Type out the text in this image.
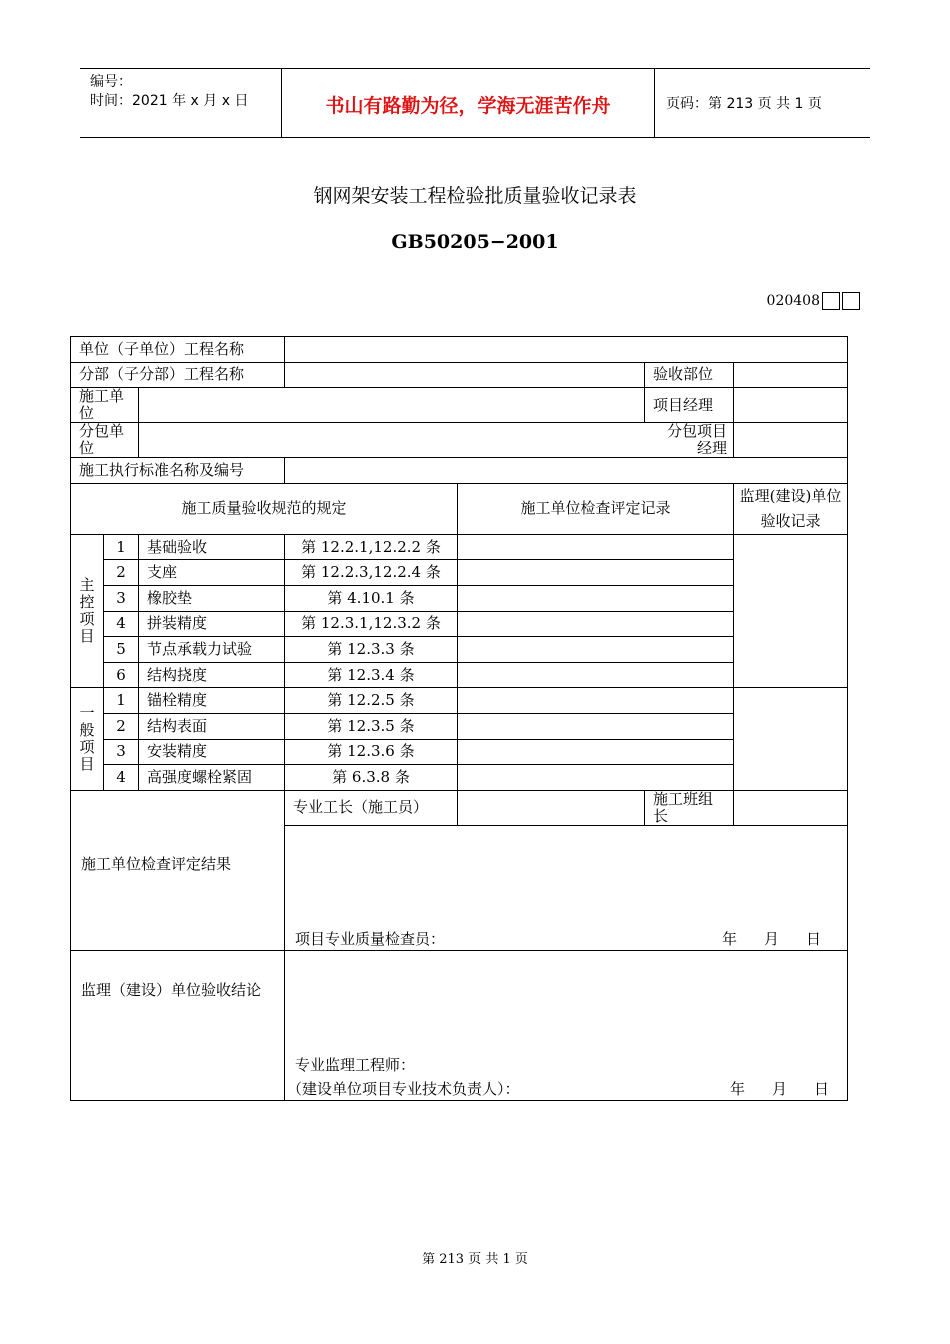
编号：
时间：2021 年 x 月 x 日	书山有路勤为径，学海无涯苦作舟	页码：第 213 页 共 1 页
钢网架安装工程检验批质量验收记录表
GB50205−2001
020408
单位（子单位）工程名称						
分部（子分部）工程名称					验收部位	
施工单位					项目经理	
分包单位					分包项目经理	
施工执行标准名称及编号						
施工质量验收规范的规定				施工单位检查评定记录		监理(建设)单位验收记录

主
控
项
目	1	基础验收	第 12.2.1,12.2.2 条			
	2	支座	第 12.2.3,12.2.4 条			
	3	橡胶垫	第 4.10.1 条			
	4	拼装精度	第 12.3.1,12.3.2 条			
	5	节点承载力试验	第 12.3.3 条			
	6	结构挠度	第 12.3.4 条			

一
般
项
目	1	锚栓精度	第 12.2.5 条			
	2	结构表面	第 12.3.5 条			
	3	安装精度	第 12.3.6 条			
	4	高强度螺栓紧固	第 6.3.8 条			

施工单位检查评定结果			专业工长（施工员）		施工班组长	

			项目专业质量检查员： 年 月 日			

监理（建设）单位验收结论			专业监理工程师：
（建设单位项目专业技术负责人）： 年 月 日			
第 213 页 共 1 页
